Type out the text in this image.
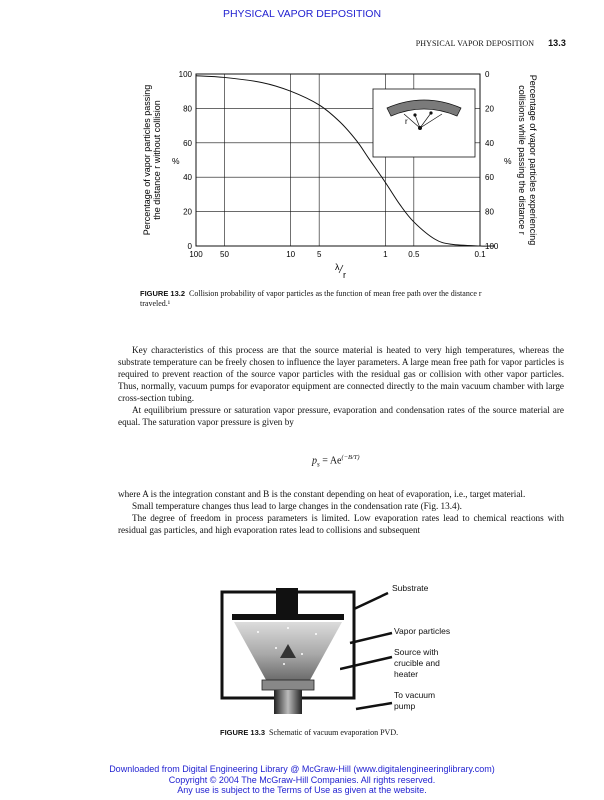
PHYSICAL VAPOR DEPOSITION
PHYSICAL VAPOR DEPOSITION 13.3
100 50	10	5	1	0.5	0.1
0	100
20	80
40	60
60	40
80	20
100	0
r
Percentage of vapor particles passing the distance r without collision %	Percentage of vapor particles experiencing
collisions while passing the distance r
%
λ
r
FIGURE 13.2 Collision probability of vapor particles as the function of mean free path over the distance r
traveled.¹

Key characteristics of this process are that the source material is heated to very high temperatures, whereas the substrate temperature can be freely chosen to influence the layer parameters. A large mean free path for vapor particles is required to prevent reaction of the source vapor particles with the residual gas or collision with other vapor particles. Thus, normally, vacuum pumps for evaporator equipment are connected directly to the main vacuum chamber with large cross-section tubing.

At equilibrium pressure or saturation vapor pressure, evaporation and condensation rates of the source material are equal. The saturation vapor pressure is given by

$p_s = Ae^{(-B/T)}$

where A is the integration constant and B is the constant depending on heat of evaporation, i.e., target material.

Small temperature changes thus lead to large changes in the condensation rate (Fig. 13.4).

The degree of freedom in process parameters is limited. Low evaporation rates lead to chemical reactions with residual gas particles, and high evaporation rates lead to collisions and subsequent

Substrate
Vapor particles
Source with
crucible and
heater
To vacuum
pump
FIGURE 13.3 Schematic of vacuum evaporation PVD.
Downloaded from Digital Engineering Library @ McGraw-Hill (www.digitalengineeringlibrary.com)
Copyright © 2004 The McGraw-Hill Companies. All rights reserved.
Any use is subject to the Terms of Use as given at the website.
